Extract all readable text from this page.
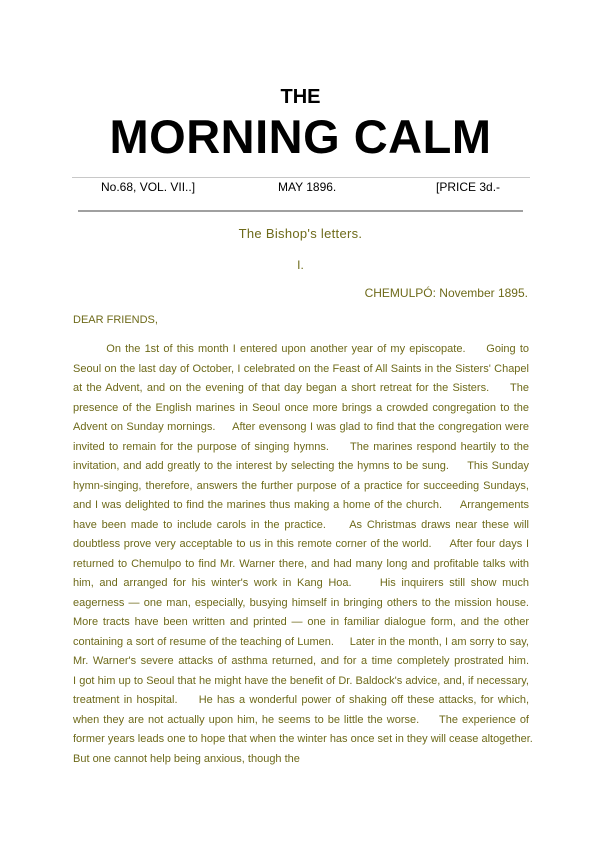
THE
MORNING CALM
No.68, VOL. VII..]	MAY 1896.	[PRICE 3d.-
The Bishop's letters.
I.
CHEMULPÓ: November 1895.
DEAR FRIENDS,
On the 1st of this month I entered upon another year of my episcopate.     Going to
Seoul on the last day of October, I celebrated on the Feast of All Saints in the Sisters' Chapel
at the Advent, and on the evening of that day began a short retreat for the Sisters.     The
presence of the English marines in Seoul once more brings a crowded congregation to the
Advent on Sunday mornings.     After evensong I was glad to find that the congregation were
invited to remain for the purpose of singing hymns.     The marines respond heartily to the
invitation, and add greatly to the interest by selecting the hymns to be sung.     This Sunday
hymn-singing, therefore, answers the further purpose of a practice for succeeding Sundays,
and I was delighted to find the marines thus making a home of the church.     Arrangements
have been made to include carols in the practice.     As Christmas draws near these will
doubtless prove very acceptable to us in this remote corner of the world.     After four days I
returned to Chemulpo to find Mr. Warner there, and had many long and profitable talks with
him, and arranged for his winter's work in Kang Hoa.     His inquirers still show much
eagerness — one man, especially, busying himself in bringing others to the mission house.
More tracts have been written and printed — one in familiar dialogue form, and the other
containing a sort of resume of the teaching of Lumen.     Later in the month, I am sorry to say,
Mr. Warner's severe attacks of asthma returned, and for a time completely prostrated him.
I got him up to Seoul that he might have the benefit of Dr. Baldock's advice, and, if necessary,
treatment in hospital.     He has a wonderful power of shaking off these attacks, for which,
when they are not actually upon him, he seems to be little the worse.     The experience of
former years leads one to hope that when the winter has once set in they will cease altogether.
But one cannot help being anxious, though the
